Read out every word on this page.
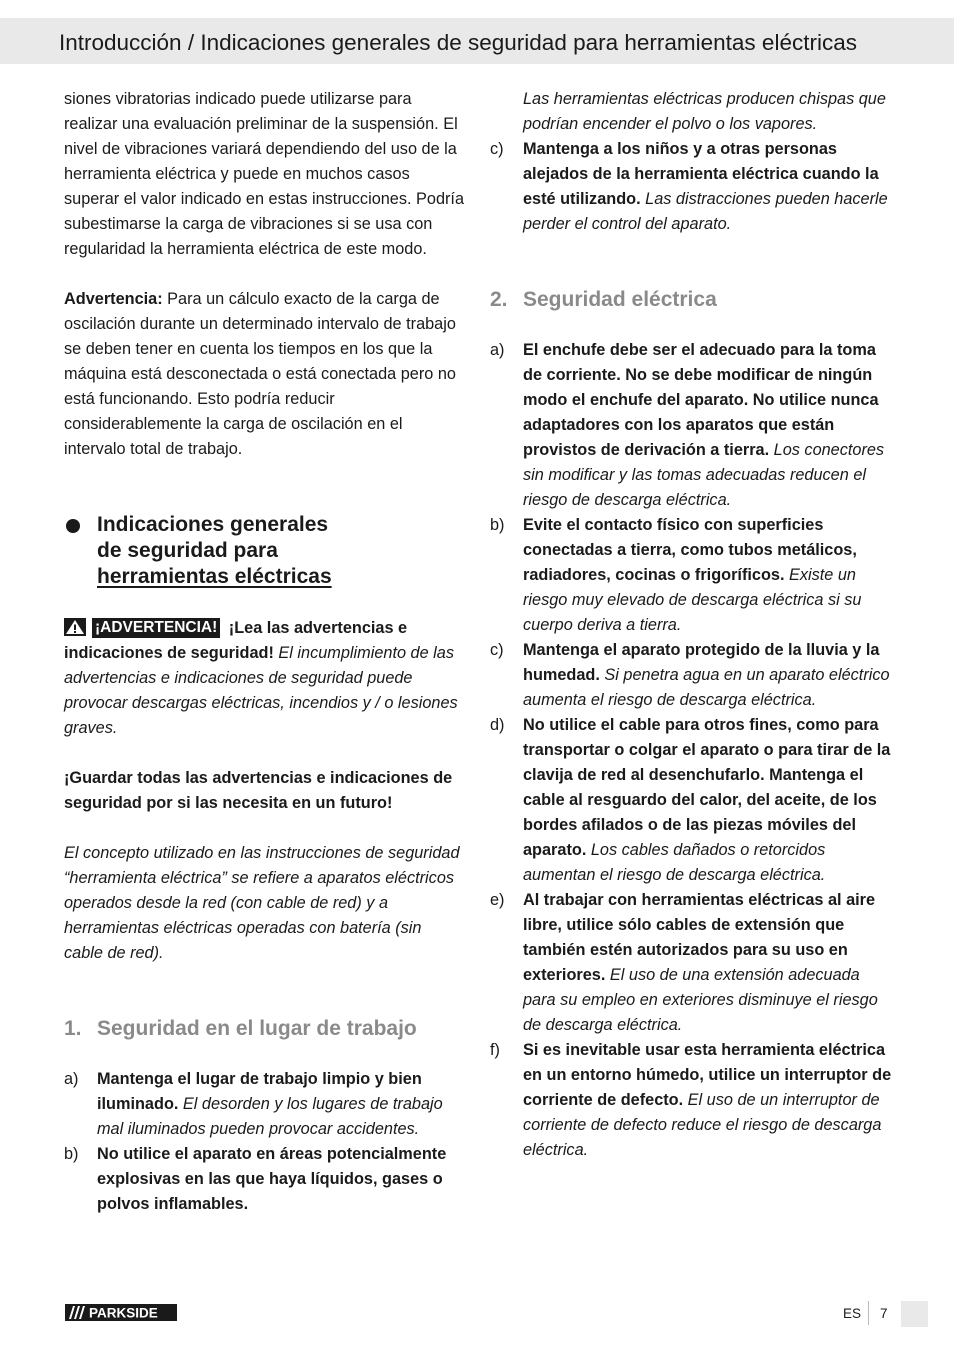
Introducción / Indicaciones generales de seguridad para herramientas eléctricas

siones vibratorias indicado puede utilizarse para realizar una evaluación preliminar de la suspensión. El nivel de vibraciones variará dependiendo del uso de la herramienta eléctrica y puede en muchos casos superar el valor indicado en estas instrucciones. Podría subestimarse la carga de vibraciones si se usa con regularidad la herramienta eléctrica de este modo.

Advertencia: Para un cálculo exacto de la carga de oscilación durante un determinado intervalo de trabajo se deben tener en cuenta los tiempos en los que la máquina está desconectada o está conectada pero no está funcionando. Esto podría reducir considerablemente la carga de oscilación en el intervalo total de trabajo.

Indicaciones generales
de seguridad para
herramientas eléctricas

¡ADVERTENCIA! ¡Lea las advertencias e indicaciones de seguridad! El incumplimiento de las advertencias e indicaciones de seguridad puede provocar descargas eléctricas, incendios y / o lesiones graves.

¡Guardar todas las advertencias e indicaciones de seguridad por si las necesita en un futuro!

El concepto utilizado en las instrucciones de seguridad “herramienta eléctrica” se refiere a aparatos eléctricos operados desde la red (con cable de red) y a herramientas eléctricas operadas con batería (sin cable de red).

1. Seguridad en el lugar de trabajo
a)	Mantenga el lugar de trabajo limpio y bien iluminado. El desorden y los lugares de trabajo mal iluminados pueden provocar accidentes.
b)	No utilice el aparato en áreas potencialmente explosivas en las que haya líquidos, gases o polvos inflamables.
Las herramientas eléctricas producen chispas que podrían encender el polvo o los vapores.
c)	Mantenga a los niños y a otras personas alejados de la herramienta eléctrica cuando la esté utilizando. Las distracciones pueden hacerle perder el control del aparato.
2. Seguridad eléctrica
a)	El enchufe debe ser el adecuado para la toma de corriente. No se debe modificar de ningún modo el enchufe del aparato. No utilice nunca adaptadores con los aparatos que están provistos de derivación a tierra. Los conectores sin modificar y las tomas adecuadas reducen el riesgo de descarga eléctrica.
b)	Evite el contacto físico con superficies conectadas a tierra, como tubos metálicos, radiadores, cocinas o frigoríficos. Existe un riesgo muy elevado de descarga eléctrica si su cuerpo deriva a tierra.
c)	Mantenga el aparato protegido de la lluvia y la humedad. Si penetra agua en un aparato eléctrico aumenta el riesgo de descarga eléctrica.
d)	No utilice el cable para otros fines, como para transportar o colgar el aparato o para tirar de la clavija de red al desenchufarlo. Mantenga el cable al resguardo del calor, del aceite, de los bordes afilados o de las piezas móviles del aparato. Los cables dañados o retorcidos aumentan el riesgo de descarga eléctrica.
e)	Al trabajar con herramientas eléctricas al aire libre, utilice sólo cables de extensión que también estén autorizados para su uso en exteriores. El uso de una extensión adecuada para su empleo en exteriores disminuye el riesgo de descarga eléctrica.
f)	Si es inevitable usar esta herramienta eléctrica en un entorno húmedo, utilice un interruptor de corriente de defecto. El uso de un interruptor de corriente de defecto reduce el riesgo de descarga eléctrica.
PARKSIDE	ES 7
